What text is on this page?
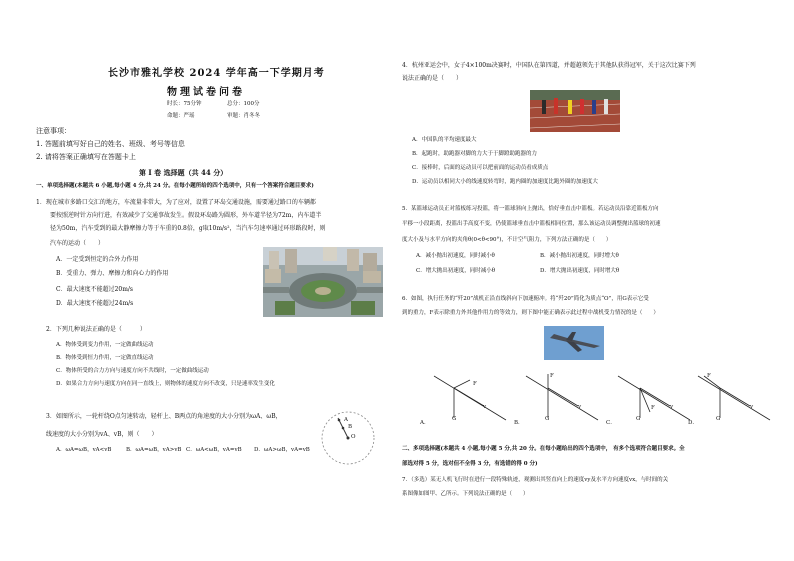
长沙市雅礼学校 2024 学年高一下学期月考
物理试卷问卷
时长：75分钟	总分：100分
命题：严瑶	审题：肖冬冬
注意事项：
1. 答题前填写好自己的姓名、班级、考号等信息
2. 请将答案正确填写在答题卡上
第 I 卷 选择题（共 44 分）
一、单项选择题(本题共 6 小题,每小题 4 分,共 24 分。在每小题所给的四个选项中，只有一个答案符合题目要求)
1．现在城市多路口交汇的地方，车流量非常大，为了应对，设置了环岛交通设施，需要通过路口的车辆都
要按照逆时针方向行进，有效减少了交通事故发生。假设环岛路为圆形，外车道半径为72m，内车道半
径为50m，汽车受到的最大静摩擦力等于车重的0.8倍，g取10m/s²，当汽车匀速率通过环形路段时，则
汽车的运动（　　）
A．一定受到恒定的合外力作用
B．受重力、弹力、摩擦力和向心力的作用
C．最大速度不能超过20m/s
D．最大速度不能超过24m/s
2．下列几种说法正确的是（　　　）
A．物体受到变力作用，一定做曲线运动
B．物体受到恒力作用，一定做直线运动
C．物体所受的合力方向与速度方向不共线时，一定做曲线运动
D．如果合力方向与速度方向在同一直线上，则物体的速度方向不改变，只是速率发生变化
3．如图所示，一轮杆绕O点匀速转动，轻杆上、B两点的角速度的大小分别为ωA、ωB，
线速度的大小分别为vA、vB，则（　　）
A．ωA=ωB，vA<vB	B．ωA=ωB，vA>vB C．ωA<ωB，vA=vB D．ωA>ωB，vA=vB
A
B
O
4．杭州亚运会中，女子4×100m决赛时，中国队在第四道，并超越领先于其他队获得冠军，关于这次比赛下列
说法正确的是（　　）
A．中国队的平均速度最大
B．起跑时，助跑器对脚的力大于于脚蹬助跑器的力
C．接棒时，后面的运动员可以把前面的运动员看成质点
D．运动员以相同大小的线速度转弯时，跑内圈的加速度比跑外圈的加速度大
5．某篮球运动员正对篮板练习投篮，将一篮球斜向上抛出，恰好垂直击中篮板。若运动员沿靠近篮板方向
平移一小段距离，投篮出手高度不变，仍使篮球垂直击中篮板相同位置，那么该运动员调整抛出篮球的初速
度大小及与水平方向的夹角θ(0<θ<90°)，不计空气阻力，下列方法正确的是（　　）
A．减小抛出初速度，同时减小θ	B．减小抛出初速度，同时增大θ
C．增大抛出初速度，同时减小θ	D．增大抛出初速度，同时增大θ
6．如图，执行任务的“歼20”战机正沿直线斜向下加速俯冲。将“歼20”简化为质点“O”，用G表示它受
到的重力，F表示除重力外其他作用力的等效力，则下图中能正确表示此过程中战机受力情况的是（　　）
F
G
v
A．
F
G
v
B．
F
G
v
C．
F
G
v
D．
二、多项选择题(本题共 4 小题,每小题 5 分,共 20 分。在每小题给出的四个选项中， 有多个选项符合题目要求。全
部选对得 5 分，选对但不全得 3 分，有选错的得 0 分)
7．（多选）某无人机飞行时在进行一段特殊轨迹，观测出其竖直向上的速度vy及水平方向速度vx，与时间的关
系图像如图甲、乙所示。下列说法正确的是（　　）
